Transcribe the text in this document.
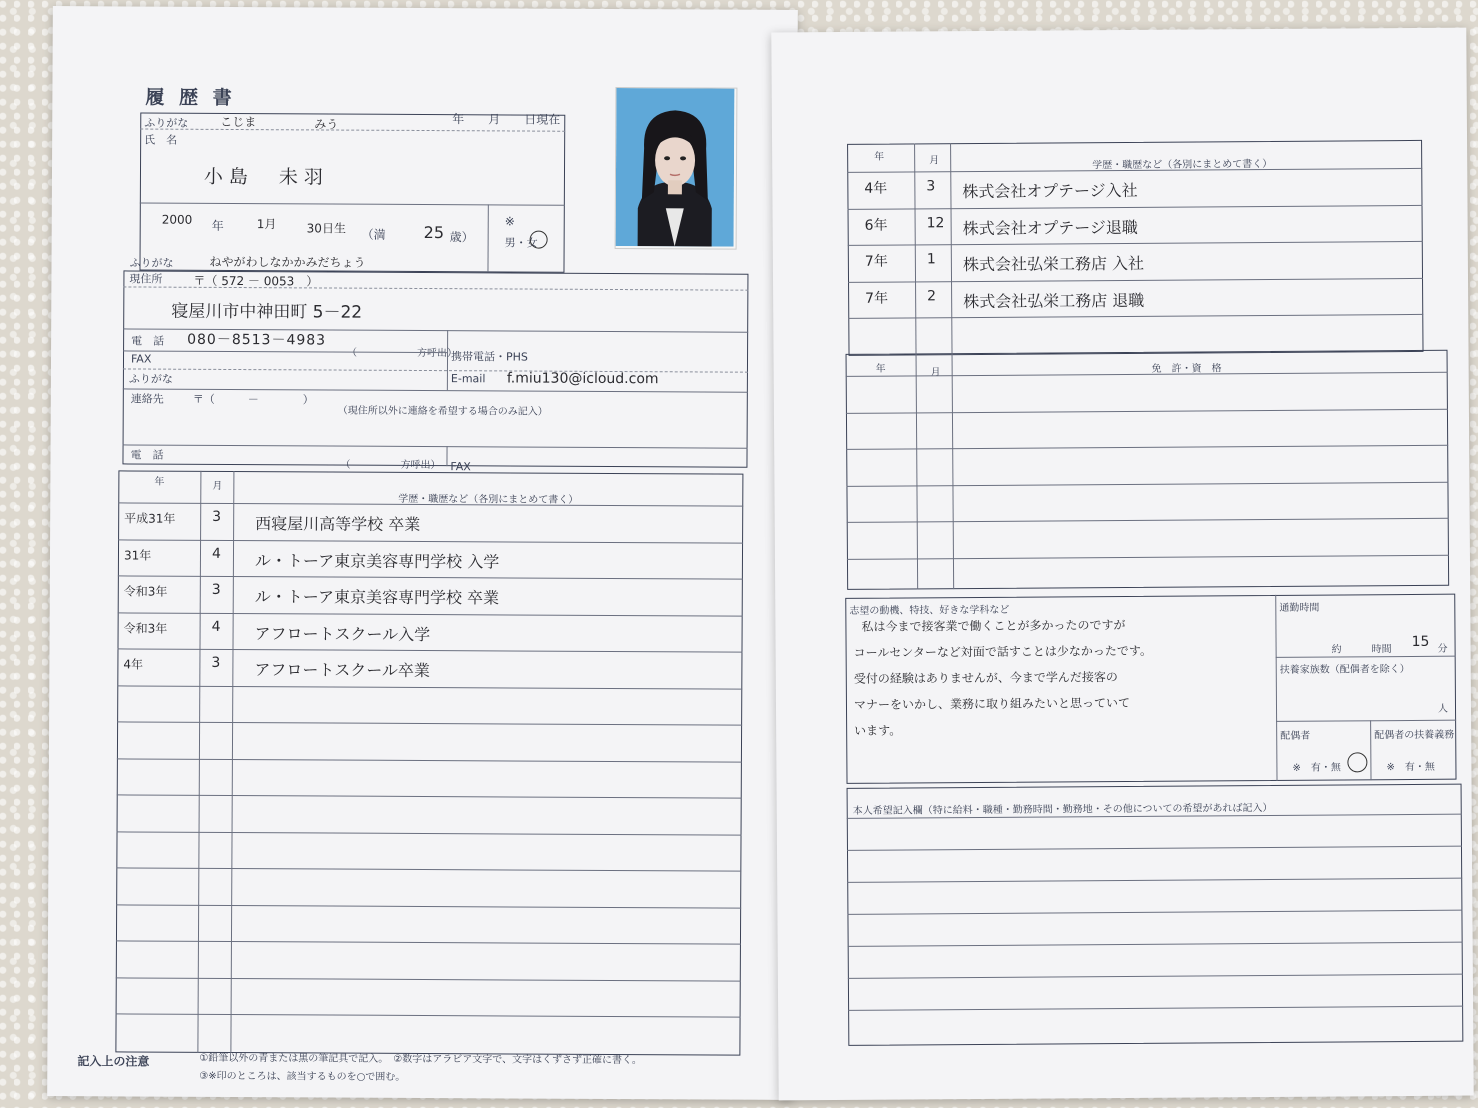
履 歴 書
年　　月　　日現在
ふりがな	こじま	みう
氏　名
小島　未羽
2000 年	1月	30日生 （満 25 歳）
※
男・女
ふりがな	ねやがわしなかかみだちょう
現住所	〒（ 572 － 0053　）
寝屋川市中神田町 5－22
電　話 080－8513－4983
（　　　　　　方呼出）
携帯電話・PHS
FAX
ふりがな	E-mail f.miu130@icloud.com
連絡先	〒（　　　－　　　　）
（現住所以外に連絡を希望する場合のみ記入）
電　話
（　　　　　方呼出） FAX
年	月
学歴・職歴など（各別にまとめて書く）
平成31年	3 西寝屋川高等学校 卒業
31年	4 ル・トーア東京美容専門学校 入学
令和3年	3 ル・トーア東京美容専門学校 卒業
令和3年	4 アフロートスクール入学
4年	3 アフロートスクール卒業
記入上の注意	①鉛筆以外の青または黒の筆記具で記入。　②数字はアラビア文字で、文字はくずさず正確に書く。
③※印のところは、該当するものを○で囲む。
年	月	学歴・職歴など（各別にまとめて書く）
4年	3 株式会社オプテージ入社
6年	12 株式会社オプテージ退職
7年	1 株式会社弘栄工務店 入社
7年	2 株式会社弘栄工務店 退職
年	月	免　許・資　格
志望の動機、特技、好きな学科など
私は今まで接客業で働くことが多かったのですが
コールセンターなど対面で話すことは少なかったです。
受付の経験はありませんが、今まで学んだ接客の
マナーをいかし、業務に取り組みたいと思っていて
います。
通勤時間
約	時間 15 分
扶養家族数（配偶者を除く）
人
配偶者
※　有・無
配偶者の扶養義務
※　有・無
本人希望記入欄（特に給料・職種・勤務時間・勤務地・その他についての希望があれば記入）
